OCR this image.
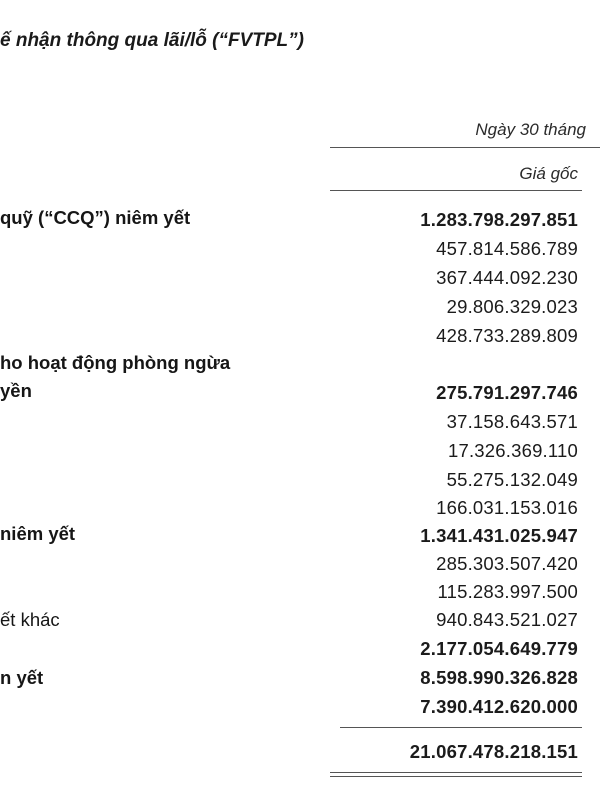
ế nhận thông qua lãi/lỗ (“FVTPL”)
Ngày 30 tháng
Giá gốc
quỹ (“CCQ”) niêm yết
ho hoạt động phòng ngừa
yền
niêm yết
ết khác
n yết
1.283.798.297.851
457.814.586.789
367.444.092.230
29.806.329.023
428.733.289.809
275.791.297.746
37.158.643.571
17.326.369.110
55.275.132.049
166.031.153.016
1.341.431.025.947
285.303.507.420
115.283.997.500
940.843.521.027
2.177.054.649.779
8.598.990.326.828
7.390.412.620.000
21.067.478.218.151
